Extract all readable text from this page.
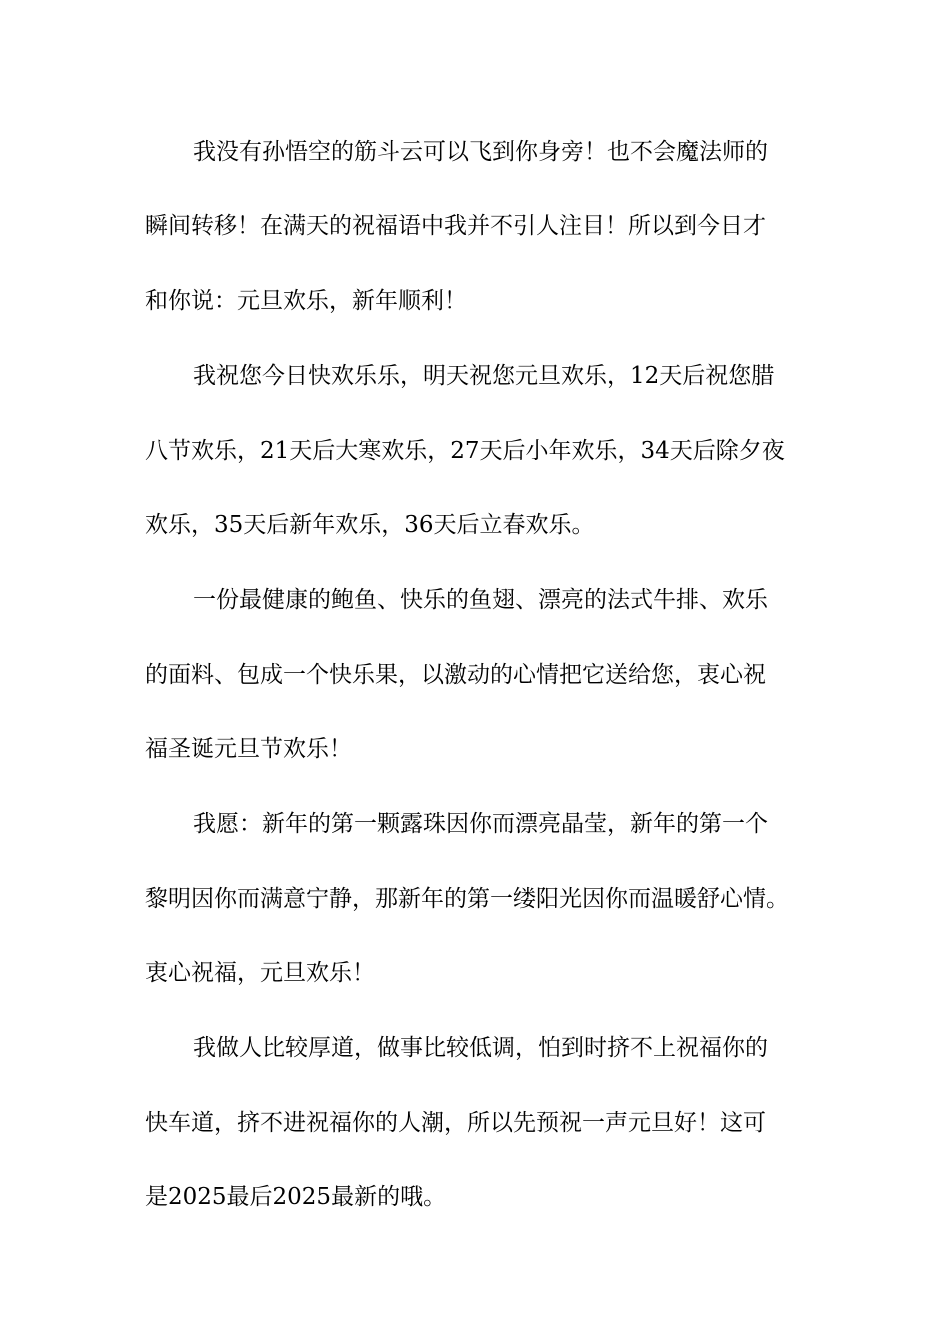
我没有孙悟空的筋斗云可以飞到你身旁！也不会魔法师的
瞬间转移！在满天的祝福语中我并不引人注目！所以到今日才
和你说：元旦欢乐，新年顺利！
我祝您今日快欢乐乐，明天祝您元旦欢乐，12天后祝您腊
八节欢乐，21天后大寒欢乐，27天后小年欢乐，34天后除夕夜
欢乐，35天后新年欢乐，36天后立春欢乐。
一份最健康的鲍鱼、快乐的鱼翅、漂亮的法式牛排、欢乐
的面料、包成一个快乐果，以激动的心情把它送给您，衷心祝
福圣诞元旦节欢乐！
我愿：新年的第一颗露珠因你而漂亮晶莹，新年的第一个
黎明因你而满意宁静，那新年的第一缕阳光因你而温暖舒心情。
衷心祝福，元旦欢乐！
我做人比较厚道，做事比较低调，怕到时挤不上祝福你的
快车道，挤不进祝福你的人潮，所以先预祝一声元旦好！这可
是2025最后2025最新的哦。
